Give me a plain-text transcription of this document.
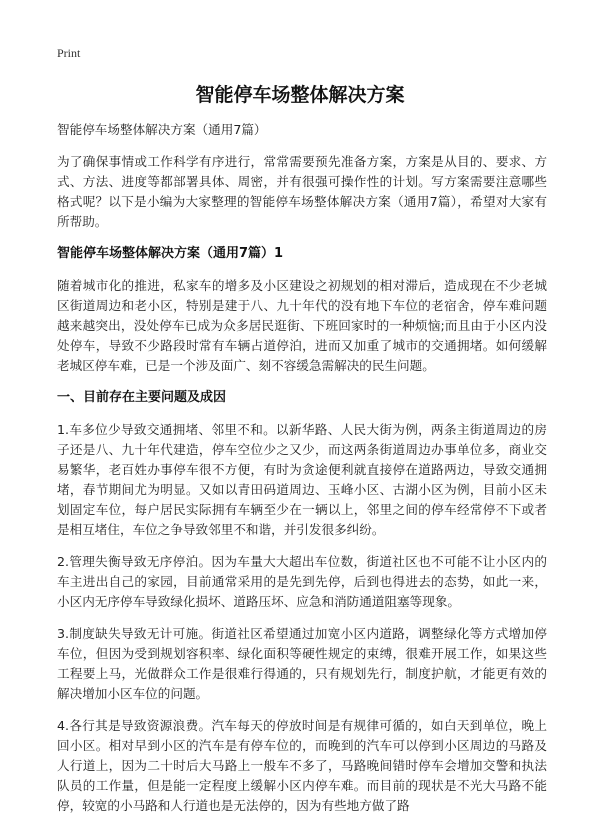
Print
智能停车场整体解决方案

智能停车场整体解决方案（通用7篇）

为了确保事情或工作科学有序进行，常常需要预先准备方案，方案是从目的、要求、方式、方法、进度等都部署具体、周密，并有很强可操作性的计划。写方案需要注意哪些格式呢？以下是小编为大家整理的智能停车场整体解决方案（通用7篇），希望对大家有所帮助。

智能停车场整体解决方案（通用7篇）1

随着城市化的推进，私家车的增多及小区建设之初规划的相对滞后，造成现在不少老城区街道周边和老小区，特别是建于八、九十年代的没有地下车位的老宿舍，停车难问题越来越突出，没处停车已成为众多居民逛街、下班回家时的一种烦恼;而且由于小区内没处停车，导致不少路段时常有车辆占道停泊，进而又加重了城市的交通拥堵。如何缓解老城区停车难，已是一个涉及面广、刻不容缓急需解决的民生问题。

一、目前存在主要问题及成因

1.车多位少导致交通拥堵、邻里不和。以新华路、人民大街为例，两条主街道周边的房子还是八、九十年代建造，停车空位少之又少，而这两条街道周边办事单位多，商业交易繁华，老百姓办事停车很不方便，有时为贪途便利就直接停在道路两边，导致交通拥堵，春节期间尤为明显。又如以青田码道周边、玉峰小区、古湖小区为例，目前小区未划固定车位，每户居民实际拥有车辆至少在一辆以上，邻里之间的停车经常停不下或者是相互堵住，车位之争导致邻里不和谐，并引发很多纠纷。

2.管理失衡导致无序停泊。因为车量大大超出车位数，街道社区也不可能不让小区内的车主进出自己的家园，目前通常采用的是先到先停，后到也得进去的态势，如此一来，小区内无序停车导致绿化损坏、道路压坏、应急和消防通道阻塞等现象。

3.制度缺失导致无计可施。街道社区希望通过加宽小区内道路，调整绿化等方式增加停车位，但因为受到规划容积率、绿化面积等硬性规定的束缚，很难开展工作，如果这些工程要上马，光做群众工作是很难行得通的，只有规划先行，制度护航，才能更有效的解决增加小区车位的问题。

4.各行其是导致资源浪费。汽车每天的停放时间是有规律可循的，如白天到单位，晚上回小区。相对早到小区的汽车是有停车位的，而晚到的汽车可以停到小区周边的马路及人行道上，因为二十时后大马路上一般车不多了，马路晚间错时停车会增加交警和执法队员的工作量，但是能一定程度上缓解小区内停车难。而目前的现状是不光大马路不能停，较宽的小马路和人行道也是无法停的，因为有些地方做了路
